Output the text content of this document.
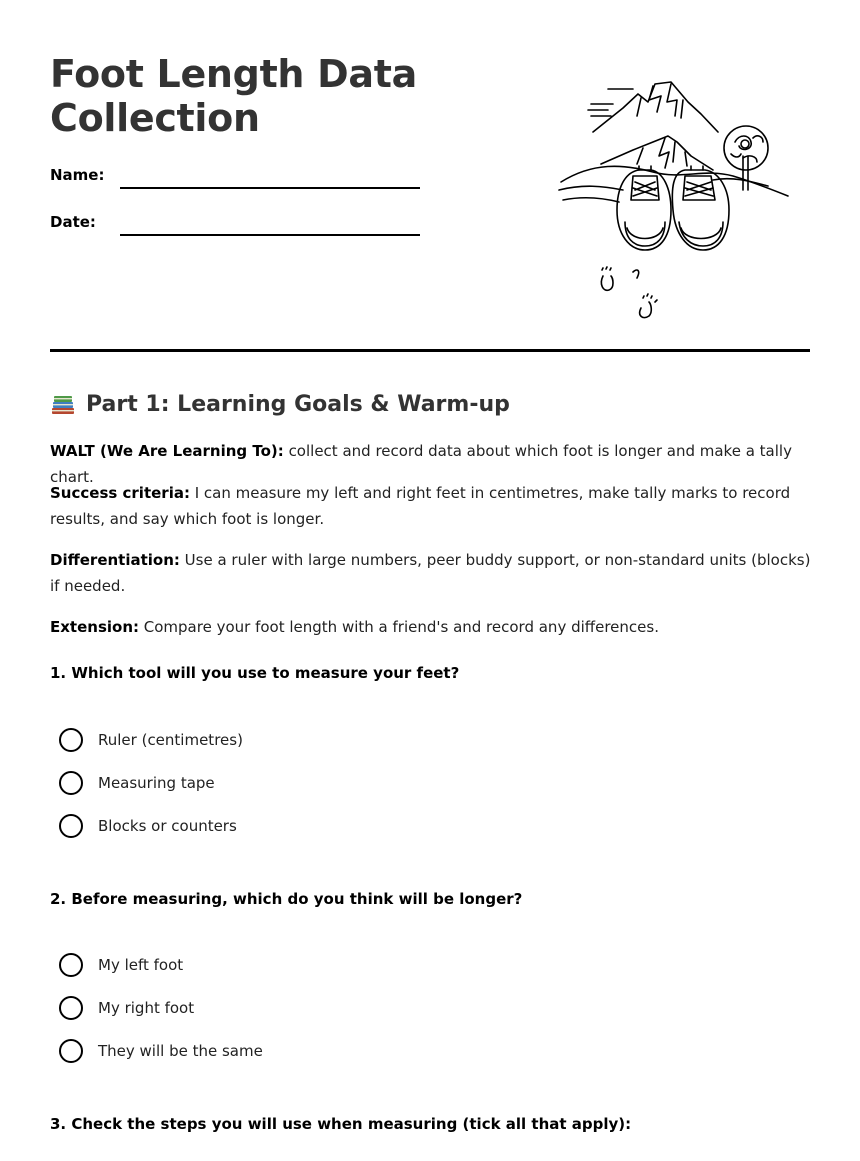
Foot Length Data Collection
Name:
Date:
Part 1: Learning Goals & Warm-up

WALT (We Are Learning To): collect and record data about which foot is longer and make a tally chart.

Success criteria: I can measure my left and right feet in centimetres, make tally marks to record results, and say which foot is longer.

Differentiation: Use a ruler with large numbers, peer buddy support, or non-standard units (blocks) if needed.

Extension: Compare your foot length with a friend's and record any differences.

1. Which tool will you use to measure your feet?
Ruler (centimetres)
Measuring tape
Blocks or counters
2. Before measuring, which do you think will be longer?
My left foot
My right foot
They will be the same
3. Check the steps you will use when measuring (tick all that apply):
